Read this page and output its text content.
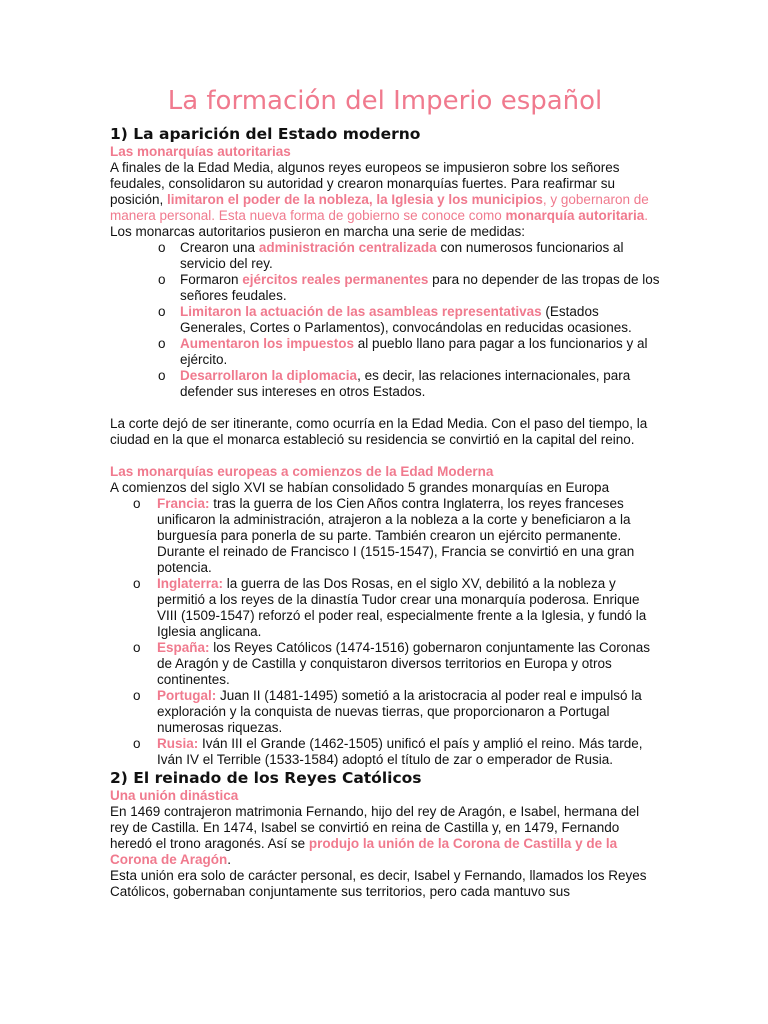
La formación del Imperio español
1) La aparición del Estado moderno
Las monarquías autoritarias

A finales de la Edad Media, algunos reyes europeos se impusieron sobre los señores feudales, consolidaron su autoridad y crearon monarquías fuertes. Para reafirmar su posición, limitaron el poder de la nobleza, la Iglesia y los municipios, y gobernaron de manera personal. Esta nueva forma de gobierno se conoce como monarquía autoritaria.

Los monarcas autoritarios pusieron en marcha una serie de medidas:

o Crearon una administración centralizada con numerosos funcionarios al servicio del rey.
o Formaron ejércitos reales permanentes para no depender de las tropas de los señores feudales.
o Limitaron la actuación de las asambleas representativas (Estados Generales, Cortes o Parlamentos), convocándolas en reducidas ocasiones.
o Aumentaron los impuestos al pueblo llano para pagar a los funcionarios y al ejército.
o Desarrollaron la diplomacia, es decir, las relaciones internacionales, para defender sus intereses en otros Estados.

La corte dejó de ser itinerante, como ocurría en la Edad Media. Con el paso del tiempo, la ciudad en la que el monarca estableció su residencia se convirtió en la capital del reino.

Las monarquías europeas a comienzos de la Edad Moderna

A comienzos del siglo XVI se habían consolidado 5 grandes monarquías en Europa

o Francia: tras la guerra de los Cien Años contra Inglaterra, los reyes franceses unificaron la administración, atrajeron a la nobleza a la corte y beneficiaron a la burguesía para ponerla de su parte. También crearon un ejército permanente. Durante el reinado de Francisco I (1515-1547), Francia se convirtió en una gran potencia.
o Inglaterra: la guerra de las Dos Rosas, en el siglo XV, debilitó a la nobleza y permitió a los reyes de la dinastía Tudor crear una monarquía poderosa. Enrique VIII (1509-1547) reforzó el poder real, especialmente frente a la Iglesia, y fundó la Iglesia anglicana.
o España: los Reyes Católicos (1474-1516) gobernaron conjuntamente las Coronas de Aragón y de Castilla y conquistaron diversos territorios en Europa y otros continentes.
o Portugal: Juan II (1481-1495) sometió a la aristocracia al poder real e impulsó la exploración y la conquista de nuevas tierras, que proporcionaron a Portugal numerosas riquezas.
o Rusia: Iván III el Grande (1462-1505) unificó el país y amplió el reino. Más tarde, Iván IV el Terrible (1533-1584) adoptó el título de zar o emperador de Rusia.
2) El reinado de los Reyes Católicos
Una unión dinástica

En 1469 contrajeron matrimonia Fernando, hijo del rey de Aragón, e Isabel, hermana del rey de Castilla. En 1474, Isabel se convirtió en reina de Castilla y, en 1479, Fernando heredó el trono aragonés. Así se produjo la unión de la Corona de Castilla y de la Corona de Aragón.

Esta unión era solo de carácter personal, es decir, Isabel y Fernando, llamados los Reyes Católicos, gobernaban conjuntamente sus territorios, pero cada mantuvo sus
